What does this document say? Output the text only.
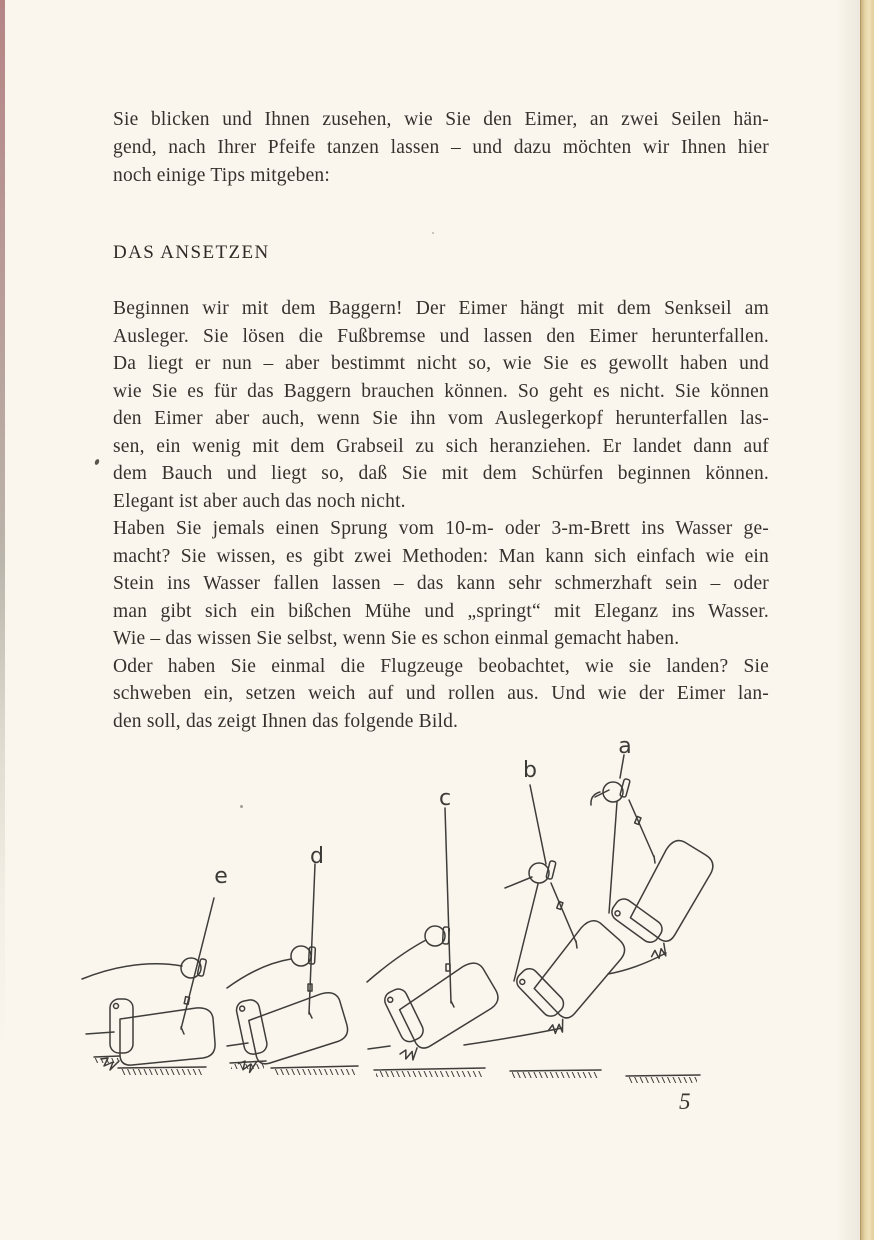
Sie blicken und Ihnen zusehen, wie Sie den Eimer, an zwei Seilen hän-
gend, nach Ihrer Pfeife tanzen lassen – und dazu möchten wir Ihnen hier
noch einige Tips mitgeben:
DAS ANSETZEN
Beginnen wir mit dem Baggern! Der Eimer hängt mit dem Senkseil am
Ausleger. Sie lösen die Fußbremse und lassen den Eimer herunterfallen.
Da liegt er nun – aber bestimmt nicht so, wie Sie es gewollt haben und
wie Sie es für das Baggern brauchen können. So geht es nicht. Sie können
den Eimer aber auch, wenn Sie ihn vom Auslegerkopf herunterfallen las-
sen, ein wenig mit dem Grabseil zu sich heranziehen. Er landet dann auf
dem Bauch und liegt so, daß Sie mit dem Schürfen beginnen können.
Elegant ist aber auch das noch nicht.
Haben Sie jemals einen Sprung vom 10-m- oder 3-m-Brett ins Wasser ge-
macht? Sie wissen, es gibt zwei Methoden: Man kann sich einfach wie ein
Stein ins Wasser fallen lassen – das kann sehr schmerzhaft sein – oder
man gibt sich ein bißchen Mühe und „springt“ mit Eleganz ins Wasser.
Wie – das wissen Sie selbst, wenn Sie es schon einmal gemacht haben.
Oder haben Sie einmal die Flugzeuge beobachtet, wie sie landen? Sie
schweben ein, setzen weich auf und rollen aus. Und wie der Eimer lan-
den soll, das zeigt Ihnen das folgende Bild.
a
b
c
d
e
5
